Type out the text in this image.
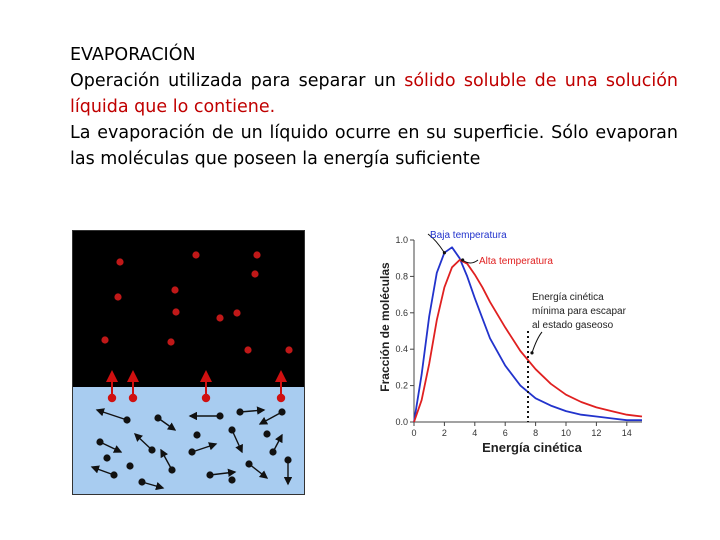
EVAPORACIÓN
Operación utilizada para separar un sólido soluble de una solución líquida que lo contiene.

La evaporación de un líquido ocurre en su superficie. Sólo evaporan las moléculas que poseen la energía suficiente

0.0
0.2
0.4
0.6
0.8
1.0
0	2	4	6	8	10 12 14
Fracción de moléculas
Energía cinética
Baja temperatura
Alta temperatura
Energía cinética
mínima para escapar
al estado gaseoso
